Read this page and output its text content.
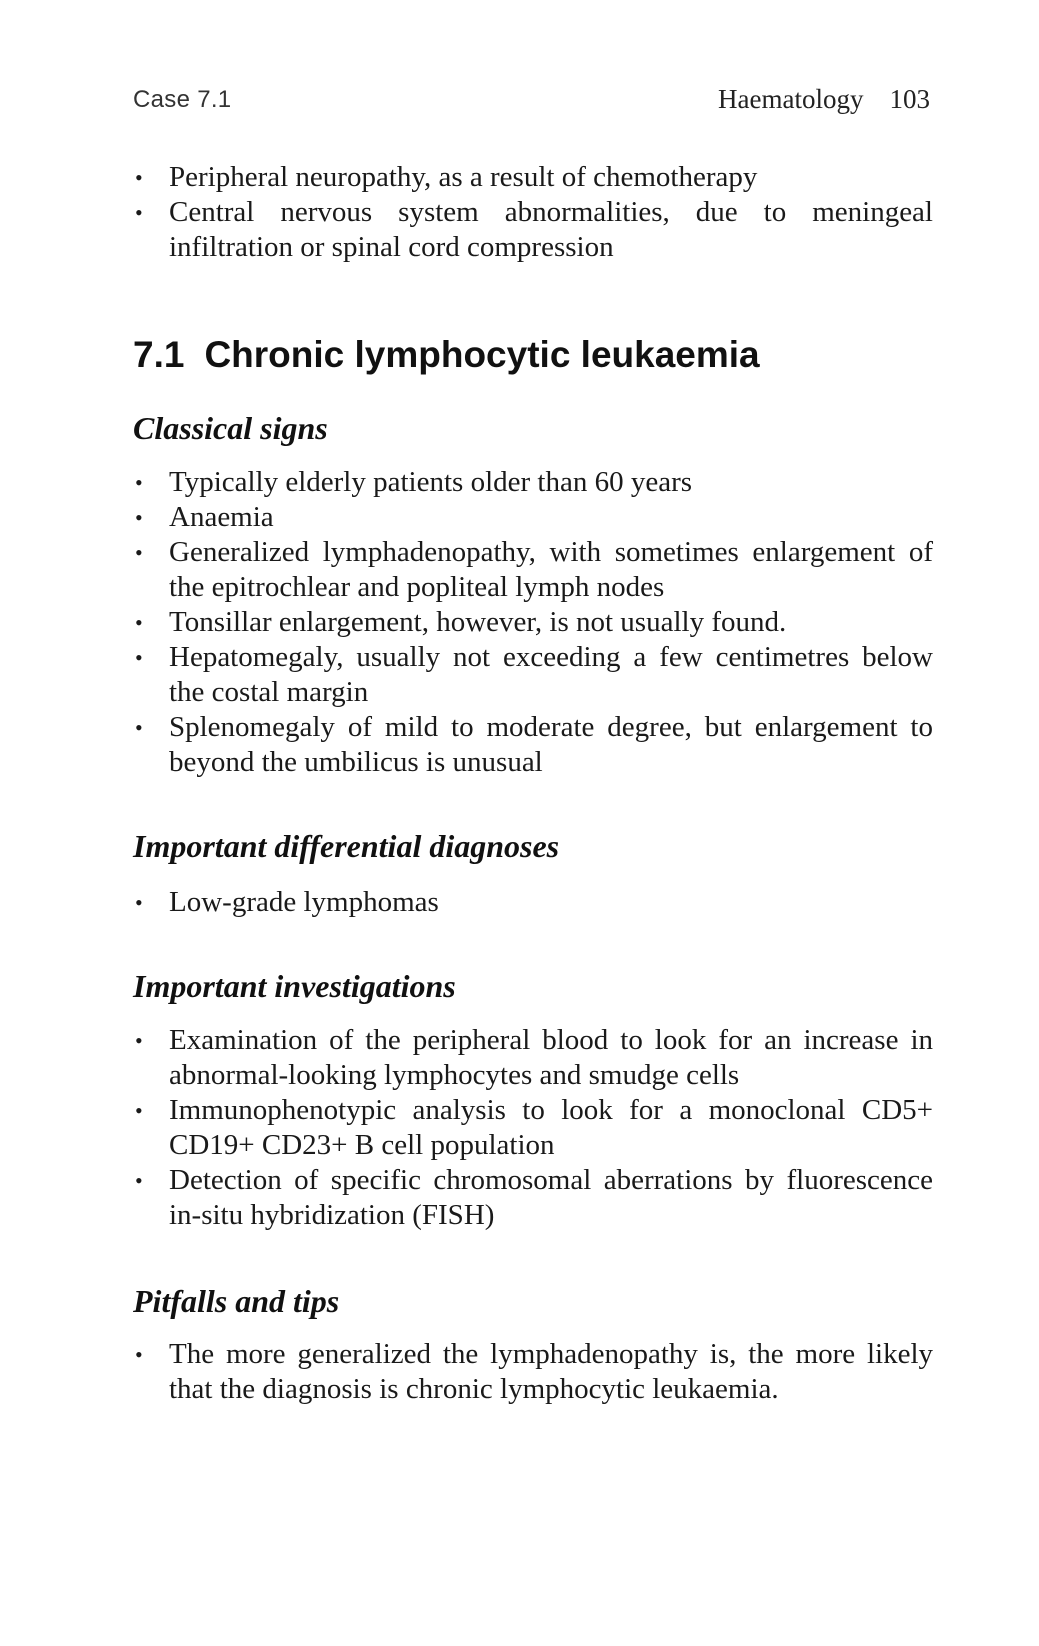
Case 7.1	Haematology 103
• Peripheral neuropathy, as a result of chemotherapy
• Central nervous system abnormalities, due to meningeal infiltration or spinal cord compression
7.1 Chronic lymphocytic leukaemia
Classical signs
• Typically elderly patients older than 60 years
• Anaemia
• Generalized lymphadenopathy, with sometimes enlargement of the epitrochlear and popliteal lymph nodes
• Tonsillar enlargement, however, is not usually found.
• Hepatomegaly, usually not exceeding a few centimetres below the costal margin
• Splenomegaly of mild to moderate degree, but enlargement to beyond the umbilicus is unusual
Important differential diagnoses
• Low-grade lymphomas
Important investigations
• Examination of the peripheral blood to look for an increase in abnormal-looking lymphocytes and smudge cells
• Immunophenotypic analysis to look for a monoclonal CD5+ CD19+ CD23+ B cell population
• Detection of specific chromosomal aberrations by fluorescence in-situ hybridization (FISH)
Pitfalls and tips
• The more generalized the lymphadenopathy is, the more likely that the diagnosis is chronic lymphocytic leukaemia.
